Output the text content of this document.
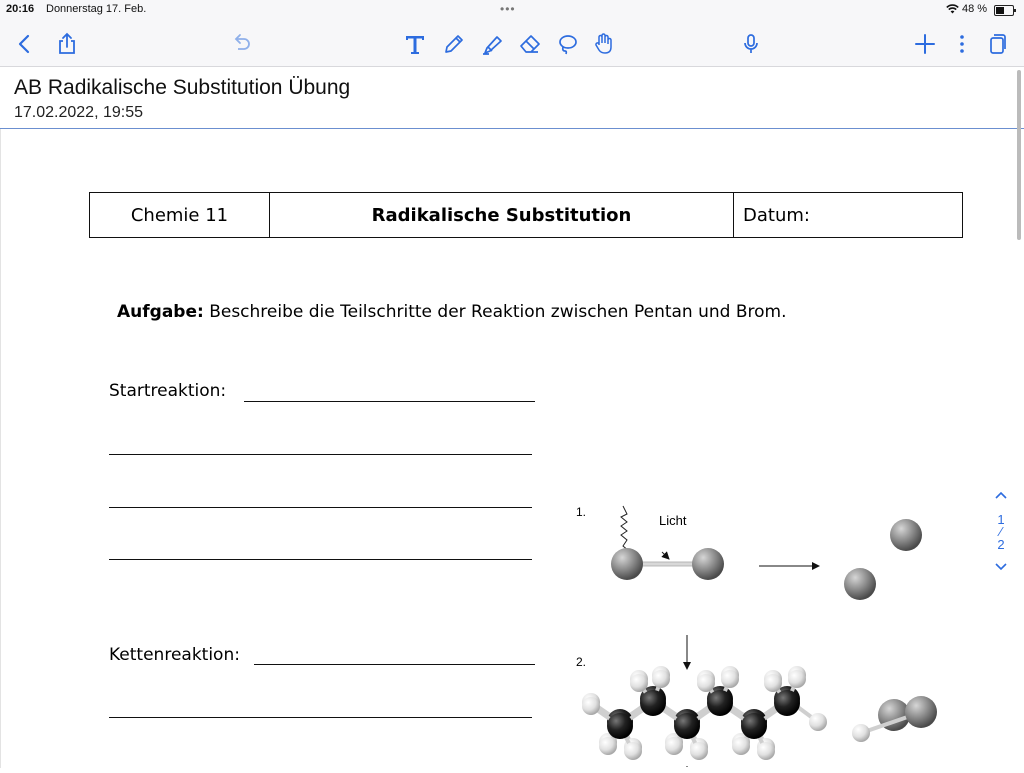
20:16 Donnerstag 17. Feb.	•••	48 %
AB Radikalische Substitution Übung
17.02.2022, 19:55
Chemie 11	Radikalische Substitution	Datum:
Aufgabe: Beschreibe die Teilschritte der Reaktion zwischen Pentan und Brom.
Startreaktion:
Kettenreaktion:
1.
Licht
2.
1
⁄
2
